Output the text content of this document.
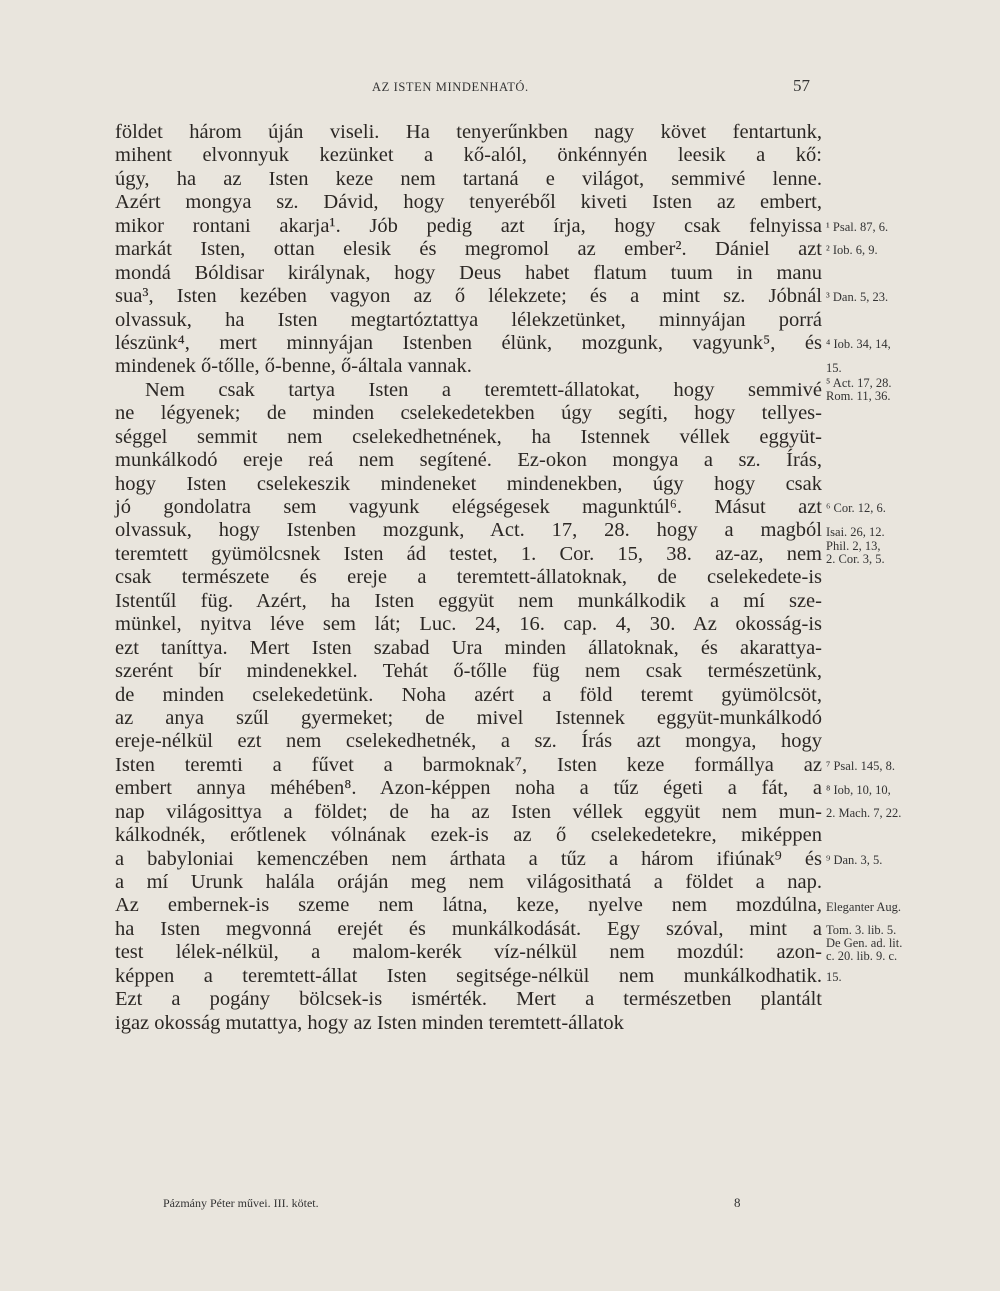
AZ ISTEN MINDENHATÓ.	57
földet három úján viseli. Ha tenyerűnkben nagy követ fentartunk,
mihent elvonnyuk kezünket a kő-alól, önkénnyén leesik a kő:
úgy, ha az Isten keze nem tartaná e világot, semmivé lenne.
Azért mongya sz. Dávid, hogy tenyeréből kiveti Isten az embert,
mikor rontani akarja¹. Jób pedig azt írja, hogy csak felnyissa
markát Isten, ottan elesik és megromol az ember². Dániel azt
mondá Bóldisar királynak, hogy Deus habet flatum tuum in manu
sua³, Isten kezében vagyon az ő lélekzete; és a mint sz. Jóbnál
olvassuk, ha Isten megtartóztattya lélekzetünket, minnyájan porrá
lészünk⁴, mert minnyájan Istenben élünk, mozgunk, vagyunk⁵, és
mindenek ő-tőlle, ő-benne, ő-általa vannak.
Nem csak tartya Isten a teremtett-állatokat, hogy semmivé
ne légyenek; de minden cselekedetekben úgy segíti, hogy tellyes-
séggel semmit nem cselekedhetnének, ha Istennek véllek eggyüt-
munkálkodó ereje reá nem segítené. Ez-okon mongya a sz. Írás,
hogy Isten cselekeszik mindeneket mindenekben, úgy hogy csak
jó gondolatra sem vagyunk elégségesek magunktúl⁶. Másut azt
olvassuk, hogy Istenben mozgunk, Act. 17, 28. hogy a magból
teremtett gyümölcsnek Isten ád testet, 1. Cor. 15, 38. az-az, nem
csak természete és ereje a teremtett-állatoknak, de cselekedete-is
Istentűl füg. Azért, ha Isten eggyüt nem munkálkodik a mí sze-
münkel, nyitva léve sem lát; Luc. 24, 16. cap. 4, 30. Az okosság-is
ezt taníttya. Mert Isten szabad Ura minden állatoknak, és akarattya-
szerént bír mindenekkel. Tehát ő-tőlle füg nem csak természetünk,
de minden cselekedetünk. Noha azért a föld teremt gyümölcsöt,
az anya szűl gyermeket; de mivel Istennek eggyüt-munkálkodó
ereje-nélkül ezt nem cselekedhetnék, a sz. Írás azt mongya, hogy
Isten teremti a fűvet a barmoknak⁷, Isten keze formállya az
embert annya méhében⁸. Azon-képpen noha a tűz égeti a fát, a
nap világosittya a földet; de ha az Isten véllek eggyüt nem mun-
kálkodnék, erőtlenek vólnának ezek-is az ő cselekedetekre, miképpen
a babyloniai kemenczében nem árthata a tűz a három ifiúnak⁹ és
a mí Urunk halála oráján meg nem világosithatá a földet a nap.
Az embernek-is szeme nem látna, keze, nyelve nem mozdúlna,
ha Isten megvonná erejét és munkálkodását. Egy szóval, mint a
test lélek-nélkül, a malom-kerék víz-nélkül nem mozdúl: azon-
képpen a teremtett-állat Isten segitsége-nélkül nem munkálkodhatik.
Ezt a pogány bölcsek-is ismérték. Mert a természetben plantált
igaz okosság mutattya, hogy az Isten minden teremtett-állatok
¹ Psal. 87, 6.
² Iob. 6, 9.
³ Dan. 5, 23.
⁴ Iob. 34, 14,
15.
⁵ Act. 17, 28.
Rom. 11, 36.
⁶ Cor. 12, 6.
Isai. 26, 12.
Phil. 2, 13,
2. Cor. 3, 5.
⁷ Psal. 145, 8.
⁸ Iob, 10, 10,
2. Mach. 7, 22.
⁹ Dan. 3, 5.
Eleganter Aug.
Tom. 3. lib. 5.
De Gen. ad. lit.
c. 20. lib. 9. c.
15.
Pázmány Péter művei. III. kötet.	8
